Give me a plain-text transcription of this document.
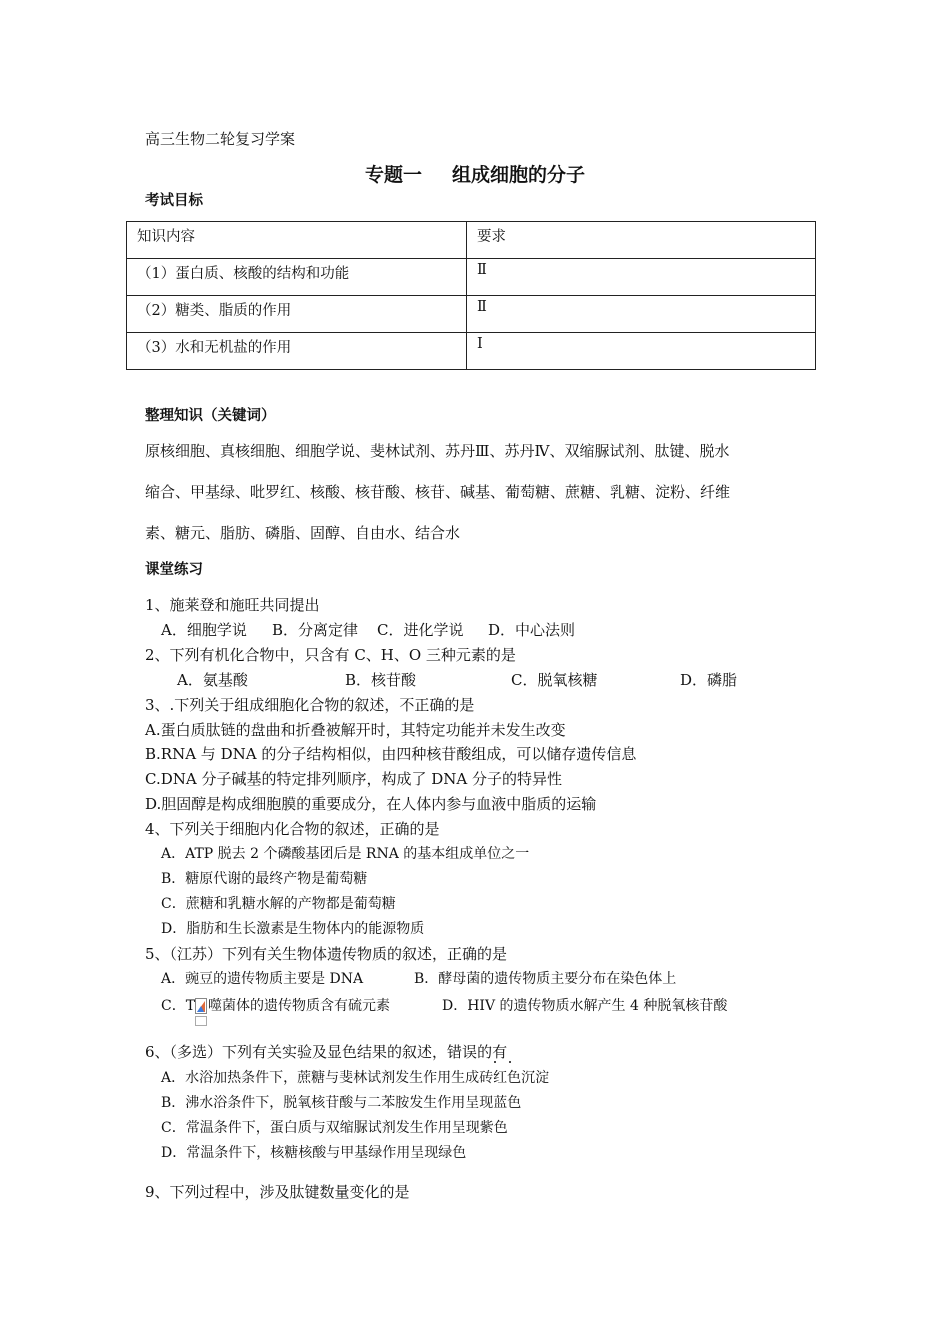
高三生物二轮复习学案
专题一 组成细胞的分子
考试目标
知识内容	要求
（1）蛋白质、核酸的结构和功能	Ⅱ
（2）糖类、脂质的作用	Ⅱ
（3）水和无机盐的作用	Ⅰ
整理知识（关键词）
原核细胞、真核细胞、细胞学说、斐林试剂、苏丹Ⅲ、苏丹Ⅳ、双缩脲试剂、肽键、脱水
缩合、甲基绿、吡罗红、核酸、核苷酸、核苷、碱基、葡萄糖、蔗糖、乳糖、淀粉、纤维
素、糖元、脂肪、磷脂、固醇、自由水、结合水
课堂练习
1、施莱登和施旺共同提出
A．细胞学说 B．分离定律 C．进化学说 D．中心法则
2、下列有机化合物中，只含有 C、H、O 三种元素的是
A．氨基酸	B．核苷酸	C．脱氧核糖	D．磷脂
3、.下列关于组成细胞化合物的叙述，不正确的是
A.蛋白质肽链的盘曲和折叠被解开时，其特定功能并未发生改变
B.RNA 与 DNA 的分子结构相似，由四种核苷酸组成，可以储存遗传信息
C.DNA 分子碱基的特定排列顺序，构成了 DNA 分子的特异性
D.胆固醇是构成细胞膜的重要成分，在人体内参与血液中脂质的运输
4、下列关于细胞内化合物的叙述，正确的是
A．ATP 脱去 2 个磷酸基团后是 RNA 的基本组成单位之一
B．糖原代谢的最终产物是葡萄糖
C．蔗糖和乳糖水解的产物都是葡萄糖
D．脂肪和生长激素是生物体内的能源物质
5、（江苏）下列有关生物体遗传物质的叙述，正确的是
A．豌豆的遗传物质主要是 DNA	B．酵母菌的遗传物质主要分布在染色体上
C．T 噬菌体的遗传物质含有硫元素	D．HIV 的遗传物质水解产生 4 种脱氧核苷酸
6、（多选）下列有关实验及显色结果的叙述，错误的有
A．水浴加热条件下，蔗糖与斐林试剂发生作用生成砖红色沉淀
B．沸水浴条件下，脱氧核苷酸与二苯胺发生作用呈现蓝色
C．常温条件下，蛋白质与双缩脲试剂发生作用呈现紫色
D．常温条件下，核糖核酸与甲基绿作用呈现绿色
9、下列过程中，涉及肽键数量变化的是
